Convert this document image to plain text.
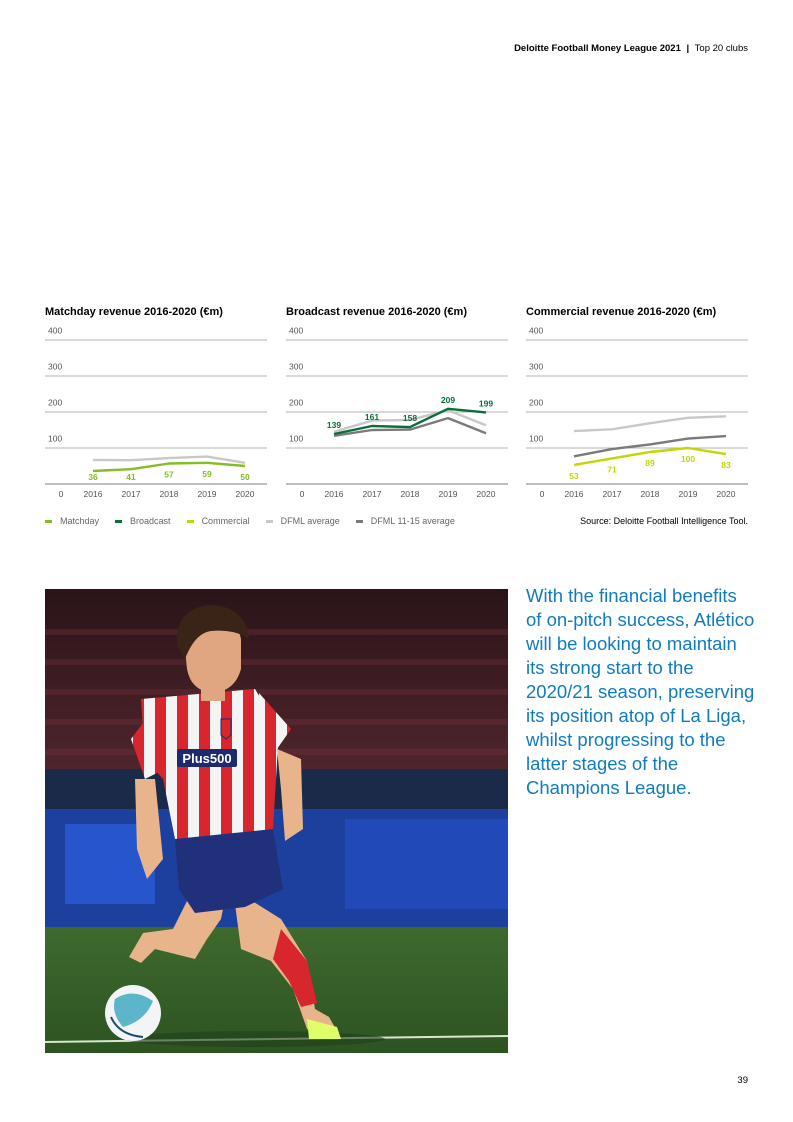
Deloitte Football Money League 2021 | Top 20 clubs
Matchday revenue 2016-2020 (€m)
100
200
300
400
0 2016 2017 2018 2019 2020
36	41	57	59	50
Broadcast revenue 2016-2020 (€m)
100
200
300
400
0 2016 2017 2018 2019 2020
139
161	158
209	199
Commercial revenue 2016-2020 (€m)
100
200
300
400
0 2016 2017 2018 2019 2020
53
71
89	100
83
Matchday	Broadcast	Commercial	DFML average	DFML 11-15 average	Source: Deloitte Football Intelligence Tool.
Plus500

With the financial benefits of on-pitch success, Atlético will be looking to maintain its strong start to the 2020/21 season, preserving its position atop of La Liga, whilst progressing to the latter stages of the Champions League.

39
